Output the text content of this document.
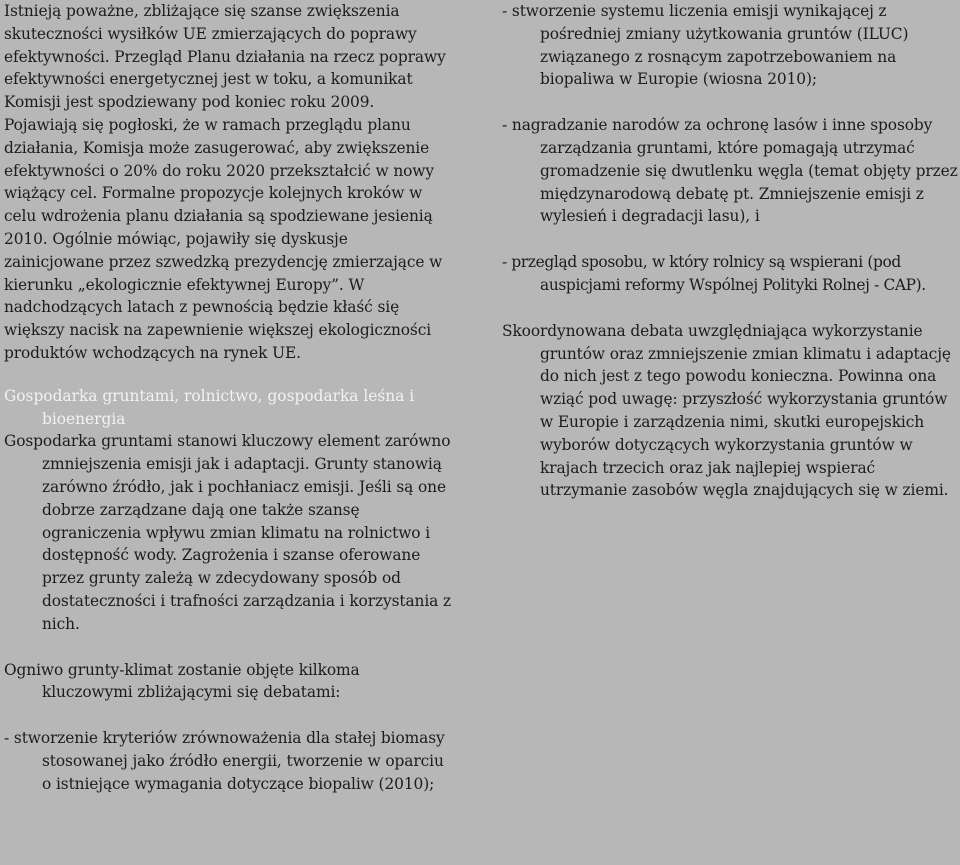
Istnieją poważne, zbliżające się szanse zwiększenia skuteczności wysiłków UE zmierzających do poprawy efektywności. Przegląd Planu działania na rzecz poprawy efektywności energetycznej jest w toku, a komunikat Komisji jest spodziewany pod koniec roku 2009. Pojawiają się pogłoski, że w ramach przeglądu planu działania, Komisja może zasugerować, aby zwiększenie efektywności o 20% do roku 2020 przekształcić w nowy wiążący cel. Formalne propozycje kolejnych kroków w celu wdrożenia planu działania są spodziewane jesienią 2010. Ogólnie mówiąc, pojawiły się dyskusje zainicjowane przez szwedzką prezydencję zmierzające w kierunku „ekologicznie efektywnej Europy”. W nadchodzących latach z pewnością będzie kłaść się większy nacisk na zapewnienie większej ekologiczności produktów wchodzących na rynek UE.

Gospodarka gruntami, rolnictwo, gospodarka leśna i bioenergia

Gospodarka gruntami stanowi kluczowy element zarówno zmniejszenia emisji jak i adaptacji. Grunty stanowią zarówno źródło, jak i pochłaniacz emisji. Jeśli są one dobrze zarządzane dają one także szansę ograniczenia wpływu zmian klimatu na rolnictwo i dostępność wody. Zagrożenia i szanse oferowane przez grunty zależą w zdecydowany sposób od dostateczności i trafności zarządzania i korzystania z nich.

Ogniwo grunty-klimat zostanie objęte kilkoma kluczowymi zbliżającymi się debatami:

- stworzenie kryteriów zrównoważenia dla stałej biomasy stosowanej jako źródło energii, tworzenie w oparciu o istniejące wymagania dotyczące biopaliw (2010);

- stworzenie systemu liczenia emisji wynikającej z pośredniej zmiany użytkowania gruntów (ILUC) związanego z rosnącym zapotrzebowaniem na biopaliwa w Europie (wiosna 2010);

- nagradzanie narodów za ochronę lasów i inne sposoby zarządzania gruntami, które pomagają utrzymać gromadzenie się dwutlenku węgla (temat objęty przez międzynarodową debatę pt. Zmniejszenie emisji z wylesień i degradacji lasu), i

- przegląd sposobu, w który rolnicy są wspierani (pod auspicjami reformy Wspólnej Polityki Rolnej - CAP).

Skoordynowana debata uwzględniająca wykorzystanie gruntów oraz zmniejszenie zmian klimatu i adaptację do nich jest z tego powodu konieczna. Powinna ona wziąć pod uwagę: przyszłość wykorzystania gruntów w Europie i zarządzenia nimi, skutki europejskich wyborów dotyczących wykorzystania gruntów w krajach trzecich oraz jak najlepiej wspierać utrzymanie zasobów węgla znajdujących się w ziemi.
